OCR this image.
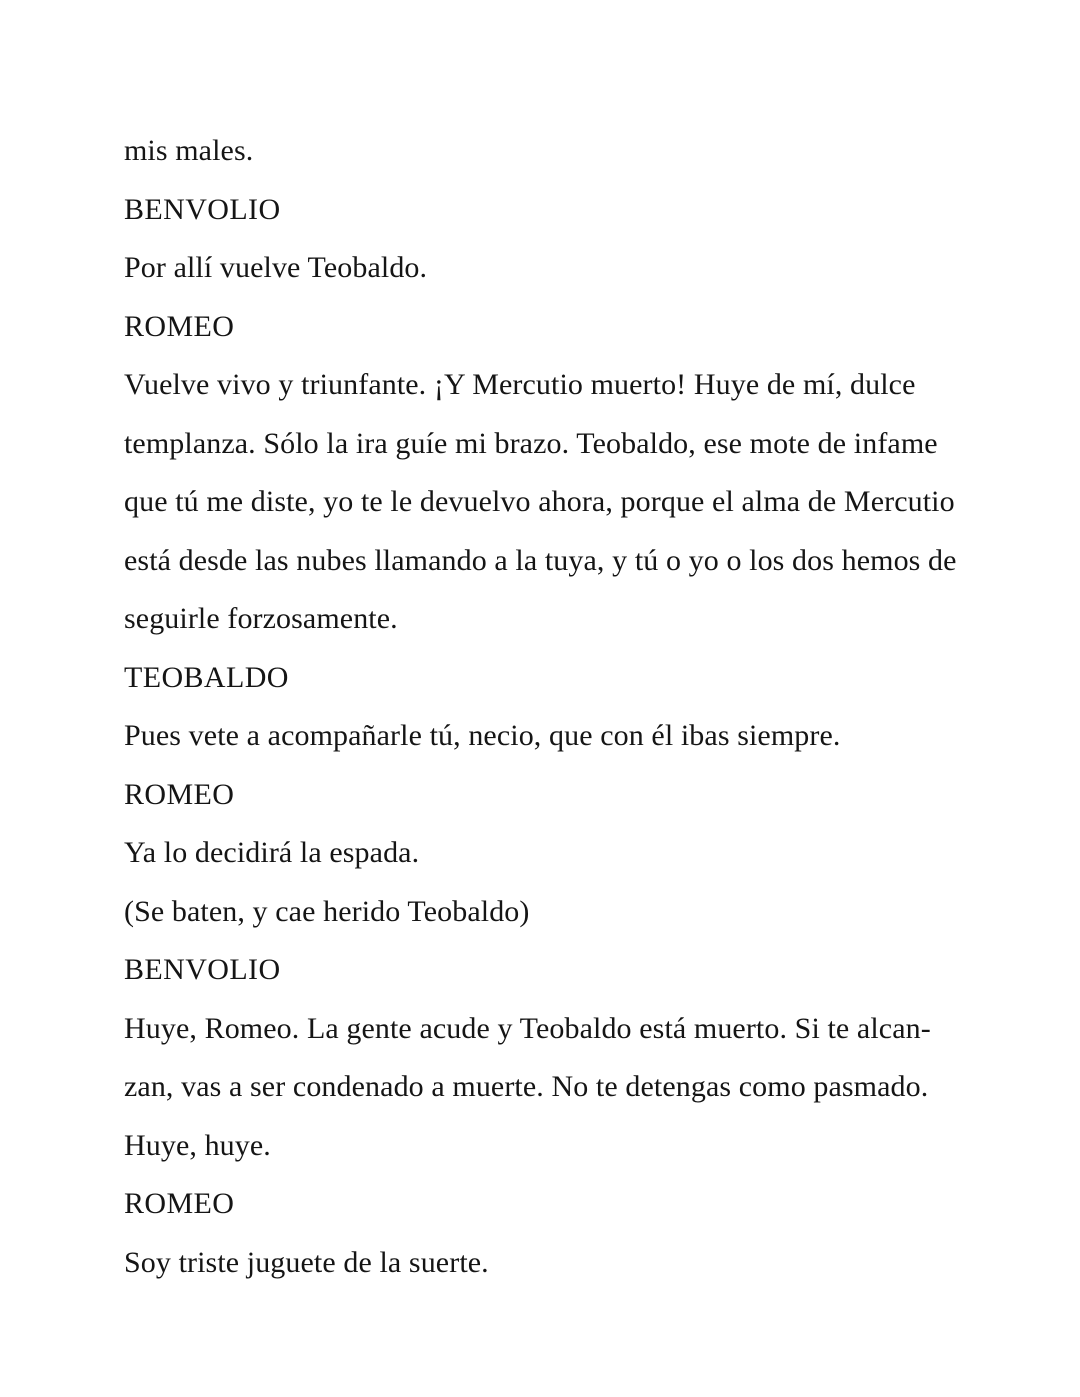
mis males.
BENVOLIO
Por allí vuelve Teobaldo.
ROMEO
Vuelve vivo y triunfante. ¡Y Mercutio muerto! Huye de mí, dulce
templanza. Sólo la ira guíe mi brazo. Teobaldo, ese mote de infame
que tú me diste, yo te le devuelvo ahora, porque el alma de Mercutio
está desde las nubes llamando a la tuya, y tú o yo o los dos hemos de
seguirle forzosamente.
TEOBALDO
Pues vete a acompañarle tú, necio, que con él ibas siempre.
ROMEO
Ya lo decidirá la espada.
(Se baten, y cae herido Teobaldo)
BENVOLIO
Huye, Romeo. La gente acude y Teobaldo está muerto. Si te alcan-
zan, vas a ser condenado a muerte. No te detengas como pasmado.
Huye, huye.
ROMEO
Soy triste juguete de la suerte.
